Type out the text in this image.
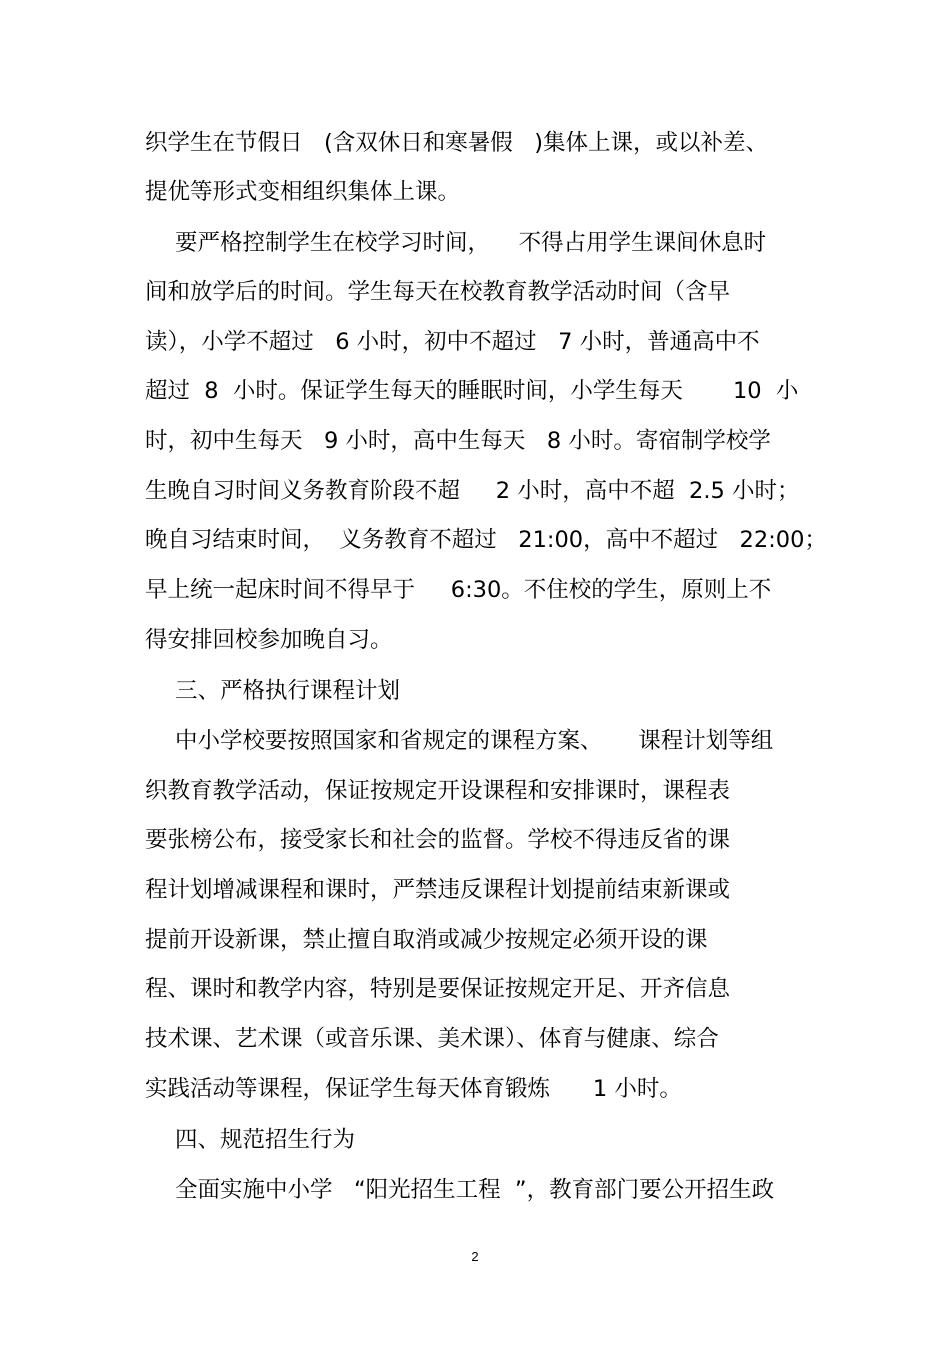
织学生在节假日   (含双休日和寒暑假   )集体上课，或以补差、
提优等形式变相组织集体上课。
要严格控制学生在校学习时间，    不得占用学生课间休息时
间和放学后的时间。学生每天在校教育教学活动时间（含早
读），小学不超过   6 小时，初中不超过   7 小时，普通高中不
超过  8  小时。保证学生每天的睡眠时间，小学生每天       10  小
时，初中生每天   9 小时，高中生每天   8 小时。寄宿制学校学
生晚自习时间义务教育阶段不超     2 小时，高中不超  2.5 小时；
晚自习结束时间，  义务教育不超过   21:00，高中不超过   22:00；
早上统一起床时间不得早于     6:30。不住校的学生，原则上不
得安排回校参加晚自习。
三、严格执行课程计划
中小学校要按照国家和省规定的课程方案、     课程计划等组
织教育教学活动，保证按规定开设课程和安排课时，课程表
要张榜公布，接受家长和社会的监督。学校不得违反省的课
程计划增减课程和课时，严禁违反课程计划提前结束新课或
提前开设新课，禁止擅自取消或减少按规定必须开设的课
程、课时和教学内容，特别是要保证按规定开足、开齐信息
技术课、艺术课（或音乐课、美术课）、体育与健康、综合
实践活动等课程，保证学生每天体育锻炼      1 小时。
四、规范招生行为
全面实施中小学   “阳光招生工程  ”，教育部门要公开招生政
2
